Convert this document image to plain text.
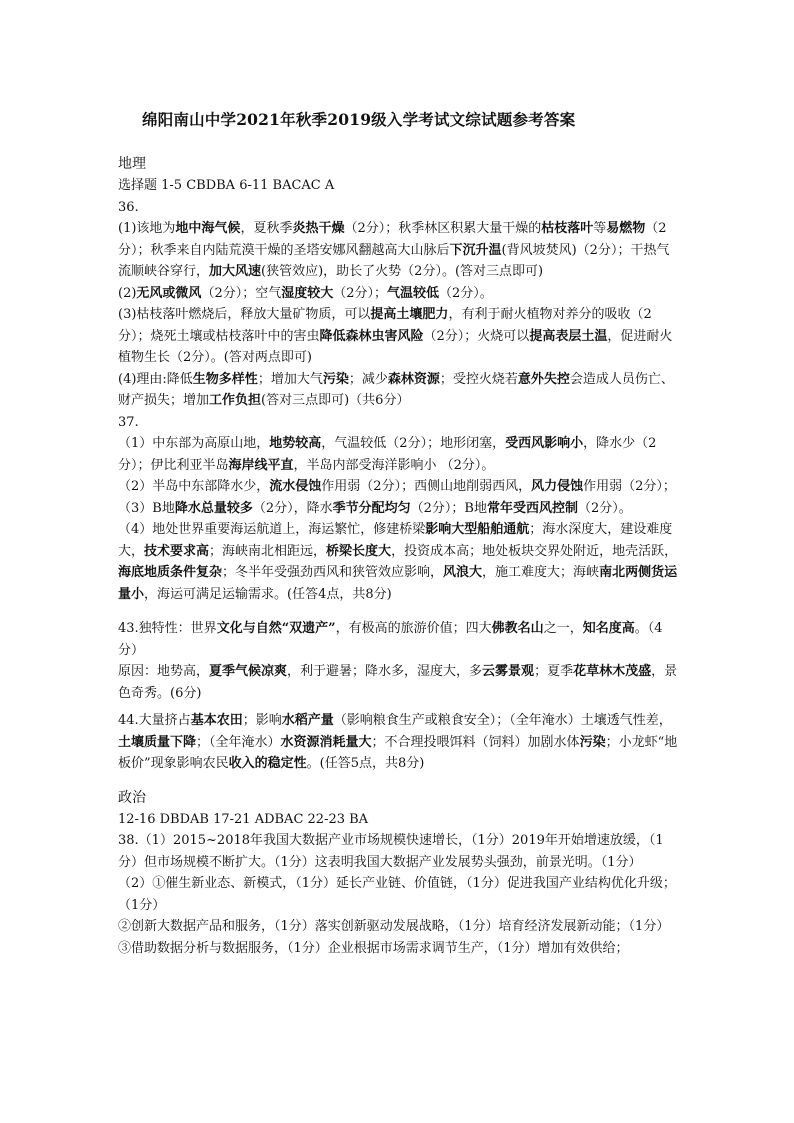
绵阳南山中学2021年秋季2019级入学考试文综试题参考答案
地理
选择题 1-5 CBDBA 6-11 BACAC A
36.

(1)该地为地中海气候，夏秋季炎热干燥（2分）；秋季林区积累大量干燥的枯枝落叶等易燃物（2分）；秋季来自内陆荒漠干燥的圣塔安娜风翻越高大山脉后下沉升温(背风坡焚风)（2分）；干热气流顺峡谷穿行，加大风速(狭管效应)，助长了火势（2分）。(答对三点即可)

(2)无风或微风（2分）；空气湿度较大（2分）；气温较低（2分）。

(3)枯枝落叶燃烧后，释放大量矿物质，可以提高土壤肥力，有利于耐火植物对养分的吸收（2分）；烧死土壤或枯枝落叶中的害虫降低森林虫害风险（2分）；火烧可以提高表层土温，促进耐火植物生长（2分）。(答对两点即可)

(4)理由:降低生物多样性；增加大气污染；减少森林资源；受控火烧若意外失控会造成人员伤亡、财产损失；增加工作负担(答对三点即可)（共6分）

37.

（1）中东部为高原山地，地势较高，气温较低（2分）；地形闭塞，受西风影响小，降水少（2分）；伊比利亚半岛海岸线平直，半岛内部受海洋影响小 （2分）。

（2）半岛中东部降水少，流水侵蚀作用弱（2分）；西侧山地削弱西风，风力侵蚀作用弱（2分）；

（3）B地降水总量较多（2分），降水季节分配均匀（2分）；B地常年受西风控制（2分）。

（4）地处世界重要海运航道上，海运繁忙，修建桥梁影响大型船舶通航；海水深度大，建设难度大，技术要求高；海峡南北相距远，桥梁长度大，投资成本高；地处板块交界处附近，地壳活跃，海底地质条件复杂；冬半年受强劲西风和狭管效应影响，风浪大，施工难度大；海峡南北两侧货运量小，海运可满足运输需求。(任答4点，共8分)

43.独特性：世界文化与自然“双遗产”，有极高的旅游价值；四大佛教名山之一，知名度高。（4分）

原因：地势高，夏季气候凉爽，利于避暑；降水多，湿度大，多云雾景观；夏季花草林木茂盛，景色奇秀。(6分)

44.大量挤占基本农田；影响水稻产量（影响粮食生产或粮食安全）；（全年淹水）土壤透气性差，土壤质量下降；（全年淹水）水资源消耗量大；不合理投喂饵料（饲料）加剧水体污染；小龙虾“地板价”现象影响农民收入的稳定性。(任答5点，共8分)

政治
12-16 DBDAB 17-21 ADBAC 22-23 BA

38.（1）2015~2018年我国大数据产业市场规模快速增长，（1分）2019年开始增速放缓，（1分）但市场规模不断扩大。（1分）这表明我国大数据产业发展势头强劲，前景光明。（1分）

（2）①催生新业态、新模式，（1分）延长产业链、价值链，（1分）促进我国产业结构优化升级；（1分）

②创新大数据产品和服务，（1分）落实创新驱动发展战略，（1分）培育经济发展新动能；（1分）

③借助数据分析与数据服务，（1分）企业根据市场需求调节生产，（1分）增加有效供给；
